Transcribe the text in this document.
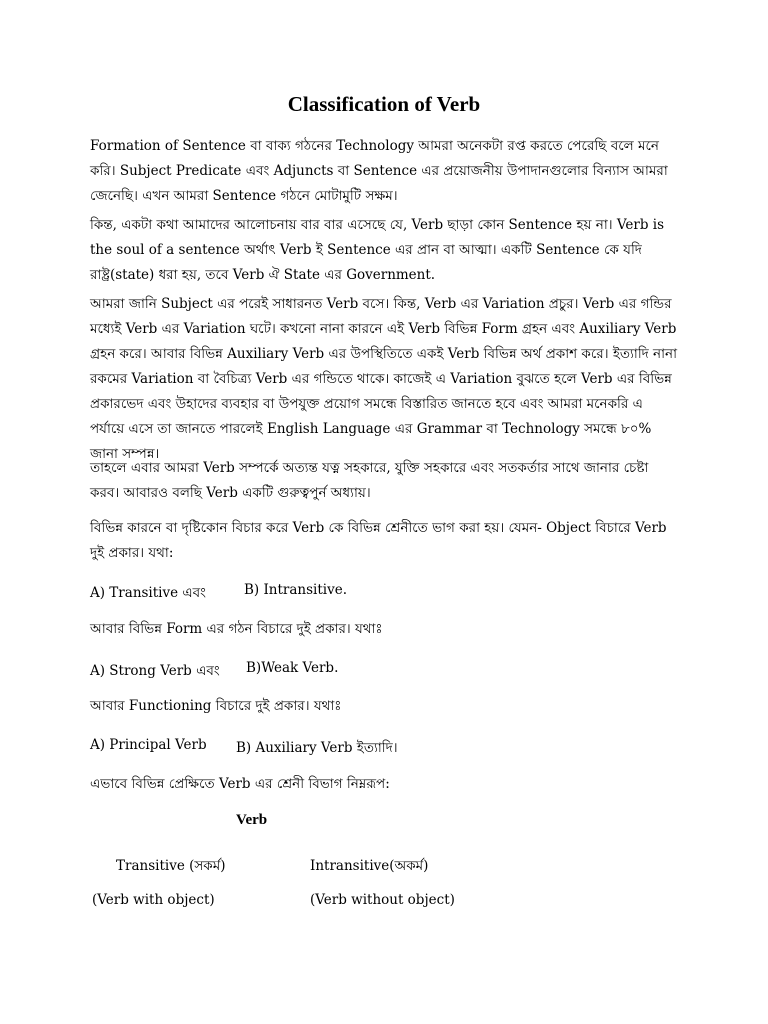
Classification of Verb

Formation of Sentence বা বাক্য গঠনের Technology আমরা অনেকটা রপ্ত করতে পেরেছি বলে মনে করি। Subject Predicate এবং Adjuncts বা Sentence এর প্রয়োজনীয় উপাদানগুলোর বিন্যাস আমরা জেনেছি। এখন আমরা Sentence গঠনে মোটামুটি সক্ষম।

কিন্ত, একটা কথা আমাদের আলোচনায় বার বার এসেছে যে, Verb ছাড়া কোন Sentence হয় না। Verb is the soul of a sentence অর্থাৎ Verb ই Sentence এর প্রান বা আত্মা। একটি Sentence কে যদি রাষ্ট্র(state) ধরা হয়, তবে Verb ঐ State এর Government.

আমরা জানি Subject এর পরেই সাধারনত Verb বসে। কিন্ত, Verb এর Variation প্রচুর। Verb এর গন্ডির মধ্যেই Verb এর Variation ঘটে। কখনো নানা কারনে এই Verb বিভিন্ন Form গ্রহন এবং Auxiliary Verb গ্রহন করে। আবার বিভিন্ন Auxiliary Verb এর উপস্থিতিতে একই Verb বিভিন্ন অর্থ প্রকাশ করে। ইত্যাদি নানা রকমের Variation বা বৈচিত্র্য Verb এর গন্ডিতে থাকে। কাজেই এ Variation বুঝতে হলে Verb এর বিভিন্ন প্রকারভেদ এবং উহাদের ব্যবহার বা উপযুক্ত প্রয়োগ সমন্ধে বিস্তারিত জানতে হবে এবং আমরা মনেকরি এ পর্যায়ে এসে তা জানতে পারলেই English Language এর Grammar বা Technology সমন্ধে ৮০% জানা সম্পন্ন।

তাহলে এবার আমরা Verb সম্পর্কে অত্যন্ত যত্ন সহকারে, যুক্তি সহকারে এবং সতকর্তার সাথে জানার চেষ্টা করব। আবারও বলছি Verb একটি গুরুত্বপুর্ন অধ্যায়।

বিভিন্ন কারনে বা দৃষ্টিকোন বিচার করে Verb কে বিভিন্ন শ্রেনীতে ভাগ করা হয়। যেমন- Object বিচারে Verb দুই প্রকার। যথা:

A) Transitive এবং	B) Intransitive.
আবার বিভিন্ন Form এর গঠন বিচারে দুই প্রকার। যথাঃ
A) Strong Verb এবং B)Weak Verb.
আবার Functioning বিচারে দুই প্রকার। যথাঃ
A) Principal Verb B) Auxiliary Verb ইত্যাদি।
এভাবে বিভিন্ন প্রেক্ষিতে Verb এর শ্রেনী বিভাগ নিম্নরূপ:
Verb
Transitive (সকর্ম)	Intransitive(অকর্ম)
(Verb with object)	(Verb without object)
